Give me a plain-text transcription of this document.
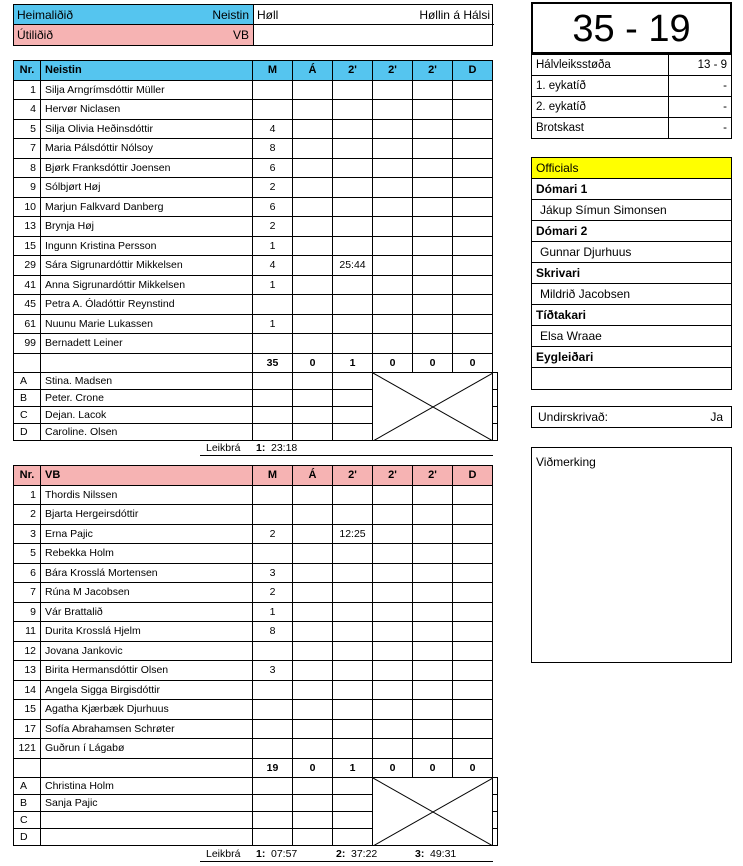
Heimaliðið	Neistin Høll	Høllin á Hálsi
Útiliðið	VB
Nr.	Neistin	M	Á	2'	2'	2'	D	
1	Silja Arngrímsdóttir Müller							
4	Hervør Niclasen							
5	Silja Olivia Heðinsdóttir	4						
7	Maria Pálsdóttir Nólsoy	8						
8	Bjørk Franksdóttir Joensen	6						
9	Sólbjørt Høj	2						
10	Marjun Falkvard Danberg	6						
13	Brynja Høj	2						
15	Ingunn Kristina Persson	1						
29	Sára Sigrunardóttir Mikkelsen	4		25:44				
41	Anna Sigrunardóttir Mikkelsen	1						
45	Petra A. Óladóttir Reynstind							
61	Nuunu Marie Lukassen	1						
99	Bernadett Leiner							
		35	0	1	0	0	0	
A	Stina. Madsen				

B	Peter. Crone							
C	Dejan. Lacok							
D	Caroline. Olsen							
Leikbrá 1: 23:18
Nr.	VB	M	Á	2'	2'	2'	D	
1	Thordis Nilssen							
2	Bjarta Hergeirsdóttir							
3	Erna Pajic	2		12:25				
5	Rebekka Holm							
6	Bára Krosslá Mortensen	3						
7	Rúna M Jacobsen	2						
9	Vár Brattalið	1						
11	Durita Krosslá Hjelm	8						
12	Jovana Jankovic							
13	Birita Hermansdóttir Olsen	3						
14	Angela Sigga Birgisdóttir							
15	Agatha Kjærbæk Djurhuus							
17	Sofía Abrahamsen Schrøter							
121	Guðrun í Lágabø							
		19	0	1	0	0	0	
A	Christina Holm				

B	Sanja Pajic							
C								
D								
Leikbrá 1: 07:57	2: 37:22	3: 49:31
35 - 19
Hálvleiksstøða	13 - 9
1. eykatíð	-
2. eykatíð	-
Brotskast	-
Officials
Dómari 1
Jákup Símun Simonsen
Dómari 2
Gunnar Djurhuus
Skrivari
Mildrið Jacobsen
Tíðtakari
Elsa Wraae
Eygleiðari
Undirskrivað:	Ja
Viðmerking
